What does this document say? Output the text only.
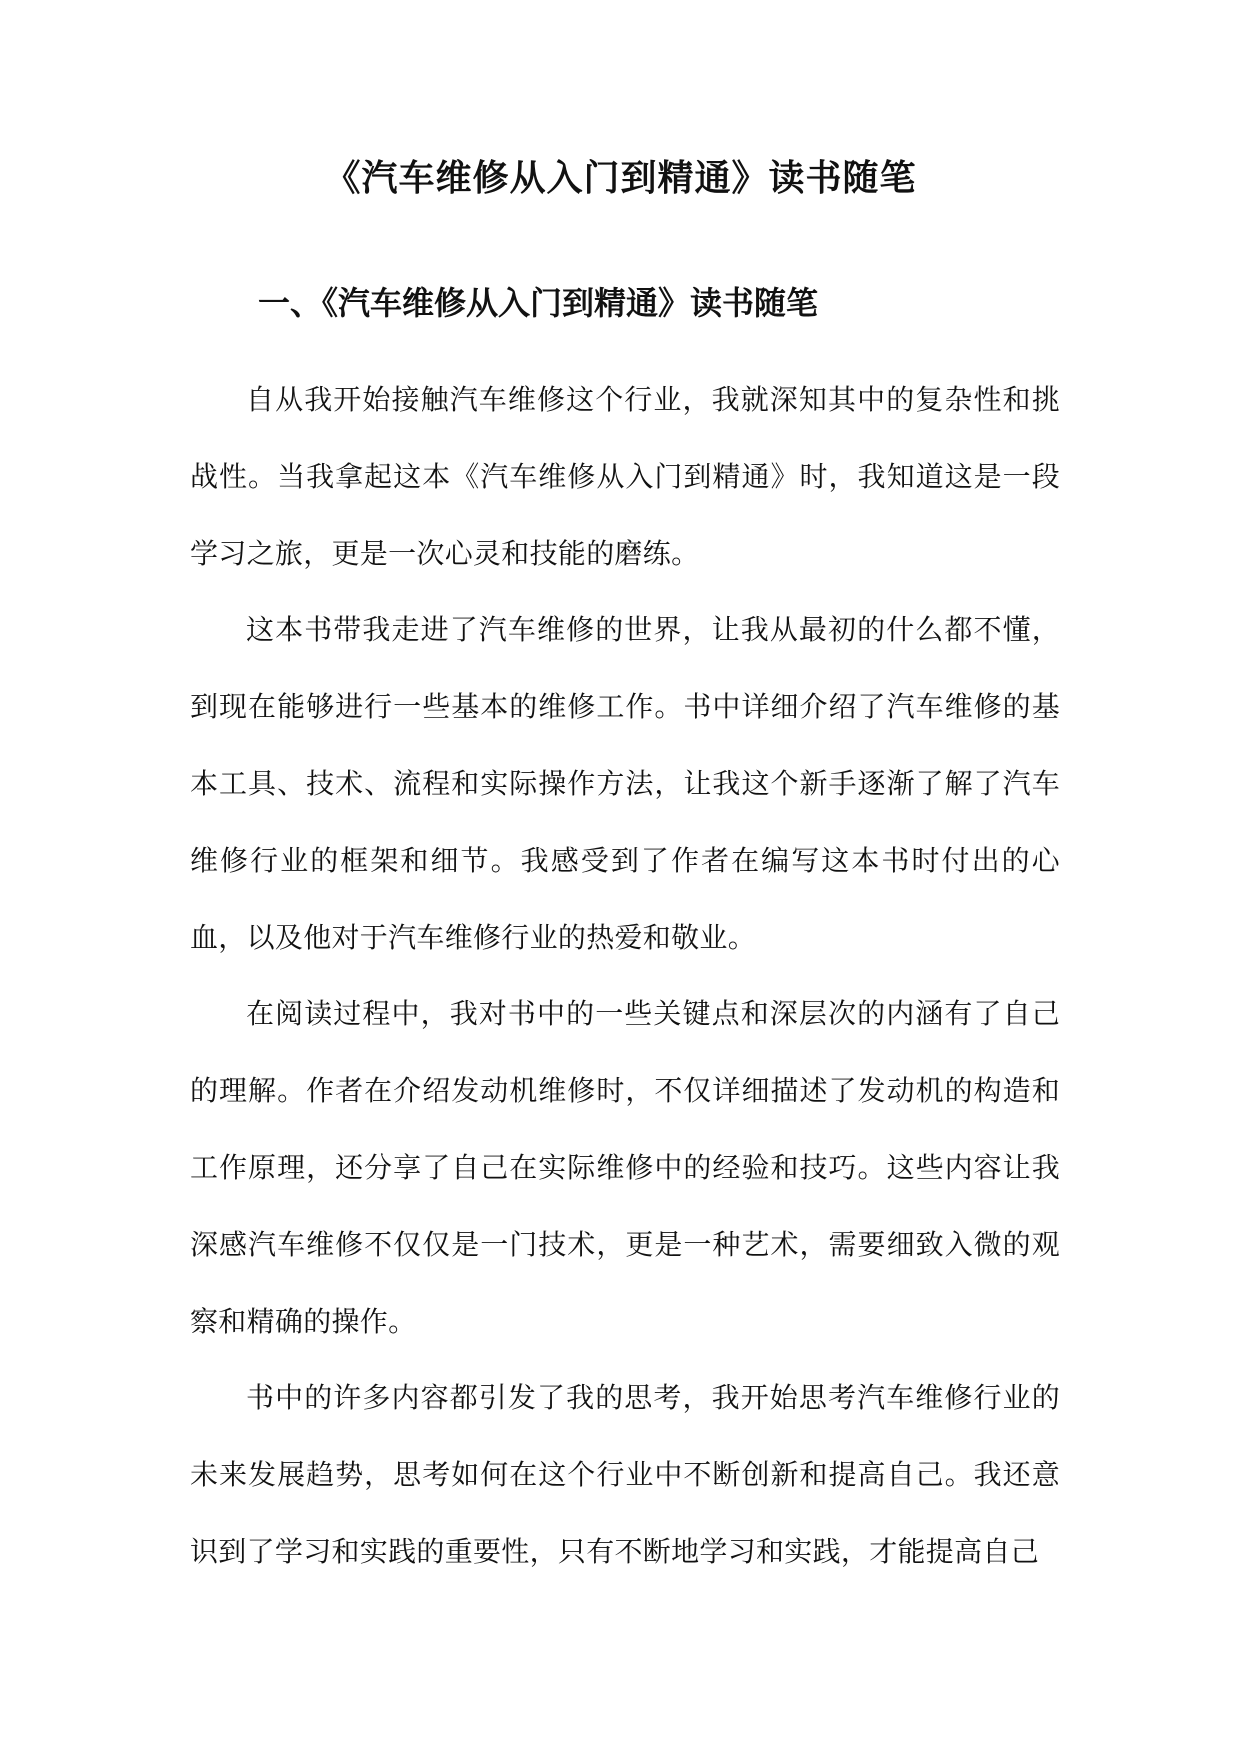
《汽车维修从入门到精通》读书随笔
一、《汽车维修从入门到精通》读书随笔

自从我开始接触汽车维修这个行业，我就深知其中的复杂性和挑战性。当我拿起这本《汽车维修从入门到精通》时，我知道这是一段学习之旅，更是一次心灵和技能的磨练。

这本书带我走进了汽车维修的世界，让我从最初的什么都不懂，到现在能够进行一些基本的维修工作。书中详细介绍了汽车维修的基本工具、技术、流程和实际操作方法，让我这个新手逐渐了解了汽车维修行业的框架和细节。我感受到了作者在编写这本书时付出的心血，以及他对于汽车维修行业的热爱和敬业。

在阅读过程中，我对书中的一些关键点和深层次的内涵有了自己的理解。作者在介绍发动机维修时，不仅详细描述了发动机的构造和工作原理，还分享了自己在实际维修中的经验和技巧。这些内容让我深感汽车维修不仅仅是一门技术，更是一种艺术，需要细致入微的观察和精确的操作。

书中的许多内容都引发了我的思考，我开始思考汽车维修行业的未来发展趋势，思考如何在这个行业中不断创新和提高自己。我还意识到了学习和实践的重要性，只有不断地学习和实践，才能提高自己
